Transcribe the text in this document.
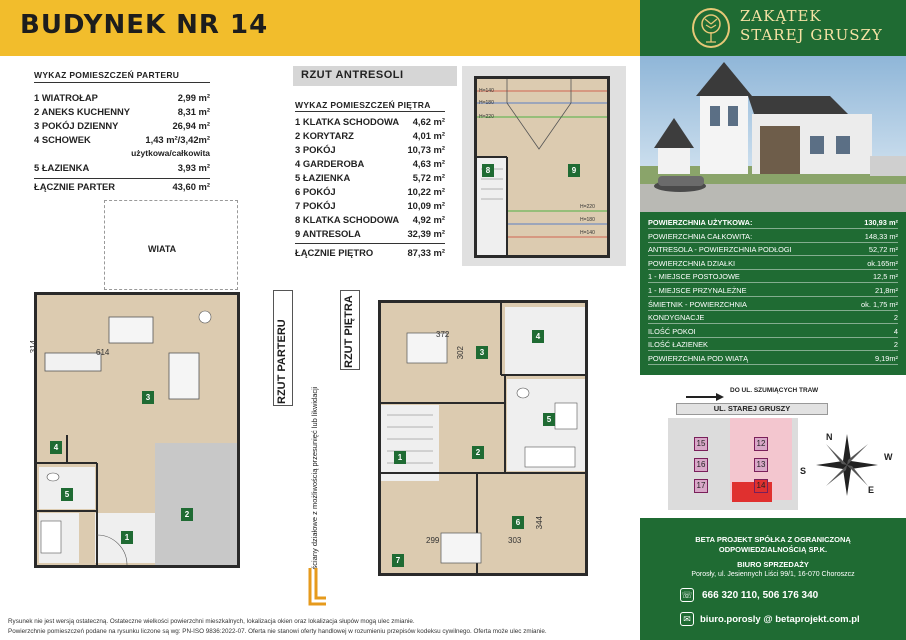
BUDYNEK NR 14	ZAKĄTEK
STAREJ GRUSZY
WYKAZ POMIESZCZEŃ PARTERU
1 WIATROŁAP	2,99 m²
2 ANEKS KUCHENNY	8,31 m²
3 POKÓJ DZIENNY	26,94 m²
4 SCHOWEK	1,43 m²/3,42m²
użytkowa/całkowita
5 ŁAZIENKA	3,93 m²
ŁĄCZNIE PARTER	43,60 m²
RZUT ANTRESOLI
WYKAZ POMIESZCZEŃ PIĘTRA
1 KLATKA SCHODOWA 4,62 m²
2 KORYTARZ	4,01 m²
3 POKÓJ	10,73 m²
4 GARDEROBA	4,63 m²
5 ŁAZIENKA	5,72 m²
6 POKÓJ	10,22 m²
7 POKÓJ	10,09 m²
8 KLATKA SCHODOWA 4,92 m²
9 ANTRESOLA	32,39 m²
ŁĄCZNIE PIĘTRO	87,33 m²
8	9
H=140
H=180
H=220
H=220
H=180
H=140
WIATA
614
314
1
2
3
4
5
RZUT PARTERU	RZUT PIĘTRA
-ściany działowe z możliwością przesunięć lub likwidacji
372
302
299	303
344
1
2
3
4
5
6
7
POWIERZCHNIA UŻYTKOWA:	130,93 m²
POWIERZCHNIA CAŁKOWITA:	148,33 m²
ANTRESOLA - POWIERZCHNIA PODŁOGI	52,72 m²
POWIERZCHNIA DZIAŁKI	ok.165m²
1 - MIEJSCE POSTOJOWE	12,5 m²
1 - MIEJSCE PRZYNALEŻNE	21,8m²
ŚMIETNIK - POWIERZCHNIA	ok. 1,75 m²
KONDYGNACJE	2
ILOŚĆ POKOI	4
ILOŚĆ ŁAZIENEK	2
POWIERZCHNIA POD WIATĄ	9,19m²
DO UL. SZUMIĄCYCH TRAW
UL. STAREJ GRUSZY
15	12
16	13
17	14
N
E
S
W
BETA PROJEKT SPÓŁKA Z OGRANICZONĄ
ODPOWIEDZIALNOŚCIĄ SP.K.
BIURO SPRZEDAŻY
Porosły, ul. Jesiennych Liści 99/1, 16-070 Choroszcz
☏ 666 320 110, 506 176 340
✉ biuro.porosly @ betaprojekt.com.pl
Rysunek nie jest wersją ostateczną. Ostateczne wielkości powierzchni mieszkalnych, lokalizacja okien oraz lokalizacja słupów mogą ulec zmianie.
Powierzchnie pomieszczeń podane na rysunku liczone są wg: PN-ISO 9836:2022-07. Oferta nie stanowi oferty handlowej w rozumieniu przepisów kodeksu cywilnego. Oferta może ulec zmianie.
